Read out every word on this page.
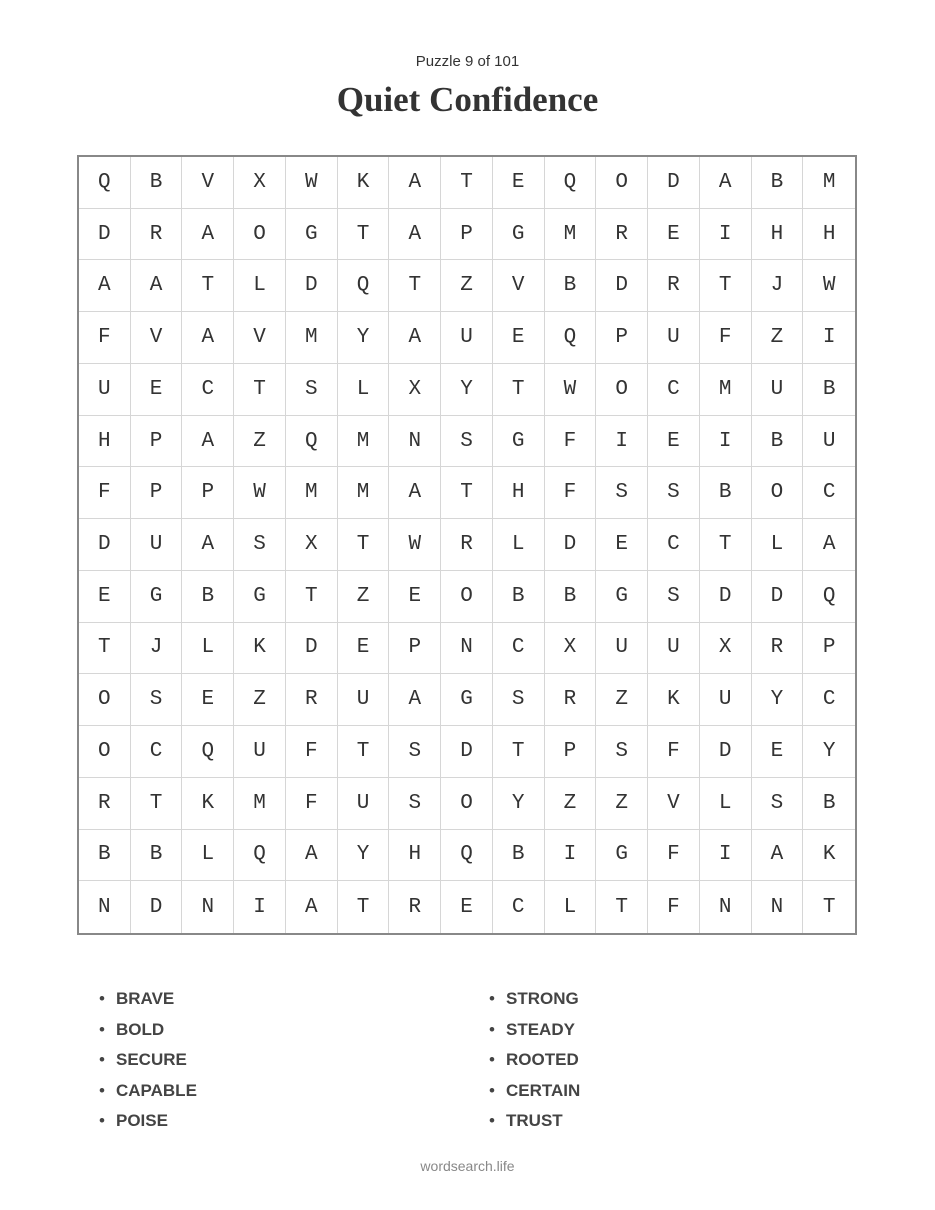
Puzzle 9 of 101
Quiet Confidence
Q	B	V	X	W	K	A	T	E	Q	O	D	A	B	M
D	R	A	O	G	T	A	P	G	M	R	E	I	H	H
A	A	T	L	D	Q	T	Z	V	B	D	R	T	J	W
F	V	A	V	M	Y	A	U	E	Q	P	U	F	Z	I
U	E	C	T	S	L	X	Y	T	W	O	C	M	U	B
H	P	A	Z	Q	M	N	S	G	F	I	E	I	B	U
F	P	P	W	M	M	A	T	H	F	S	S	B	O	C
D	U	A	S	X	T	W	R	L	D	E	C	T	L	A
E	G	B	G	T	Z	E	O	B	B	G	S	D	D	Q
T	J	L	K	D	E	P	N	C	X	U	U	X	R	P
O	S	E	Z	R	U	A	G	S	R	Z	K	U	Y	C
O	C	Q	U	F	T	S	D	T	P	S	F	D	E	Y
R	T	K	M	F	U	S	O	Y	Z	Z	V	L	S	B
B	B	L	Q	A	Y	H	Q	B	I	G	F	I	A	K
N	D	N	I	A	T	R	E	C	L	T	F	N	N	T
• BRAVE
• BOLD
• SECURE
• CAPABLE
• POISE
• STRONG
• STEADY
• ROOTED
• CERTAIN
• TRUST
wordsearch.life
